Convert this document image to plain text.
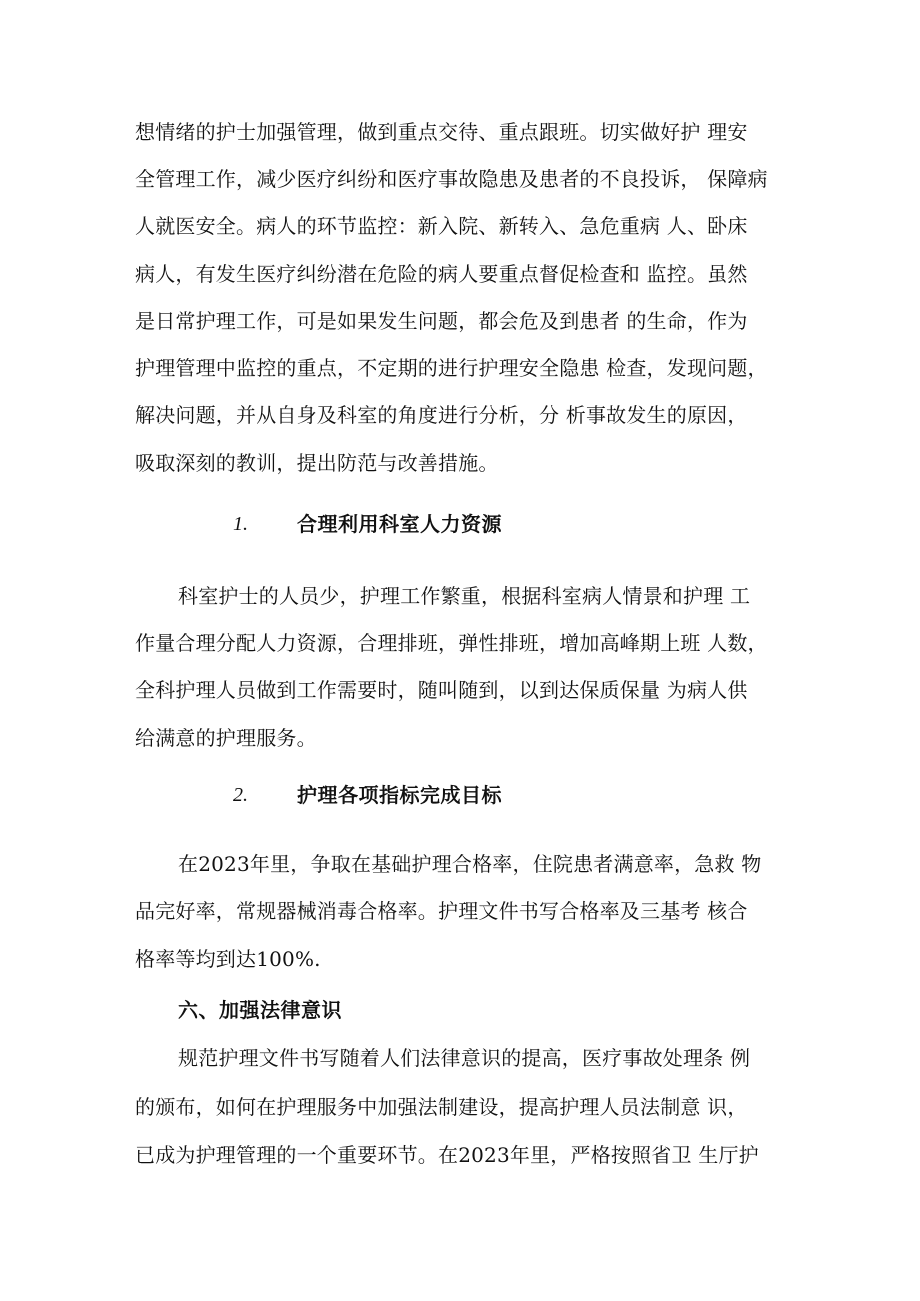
想情绪的护士加强管理，做到重点交待、重点跟班。切实做好护 理安
全管理工作，减少医疗纠纷和医疗事故隐患及患者的不良投诉， 保障病
人就医安全。病人的环节监控：新入院、新转入、急危重病 人、卧床
病人，有发生医疗纠纷潜在危险的病人要重点督促检查和 监控。虽然
是日常护理工作，可是如果发生问题，都会危及到患者 的生命，作为
护理管理中监控的重点，不定期的进行护理安全隐患 检查，发现问题，
解决问题，并从自身及科室的角度进行分析，分 析事故发生的原因，
吸取深刻的教训，提出防范与改善措施。
1. 合理利用科室人力资源
科室护士的人员少，护理工作繁重，根据科室病人情景和护理 工
作量合理分配人力资源，合理排班，弹性排班，增加高峰期上班 人数，
全科护理人员做到工作需要时，随叫随到，以到达保质保量 为病人供
给满意的护理服务。
2. 护理各项指标完成目标
在2023年里，争取在基础护理合格率，住院患者满意率，急救 物
品完好率，常规器械消毒合格率。护理文件书写合格率及三基考 核合
格率等均到达100%.
六、加强法律意识
规范护理文件书写随着人们法律意识的提高，医疗事故处理条 例
的颁布，如何在护理服务中加强法制建设，提高护理人员法制意 识，
已成为护理管理的一个重要环节。在2023年里，严格按照省卫 生厅护
